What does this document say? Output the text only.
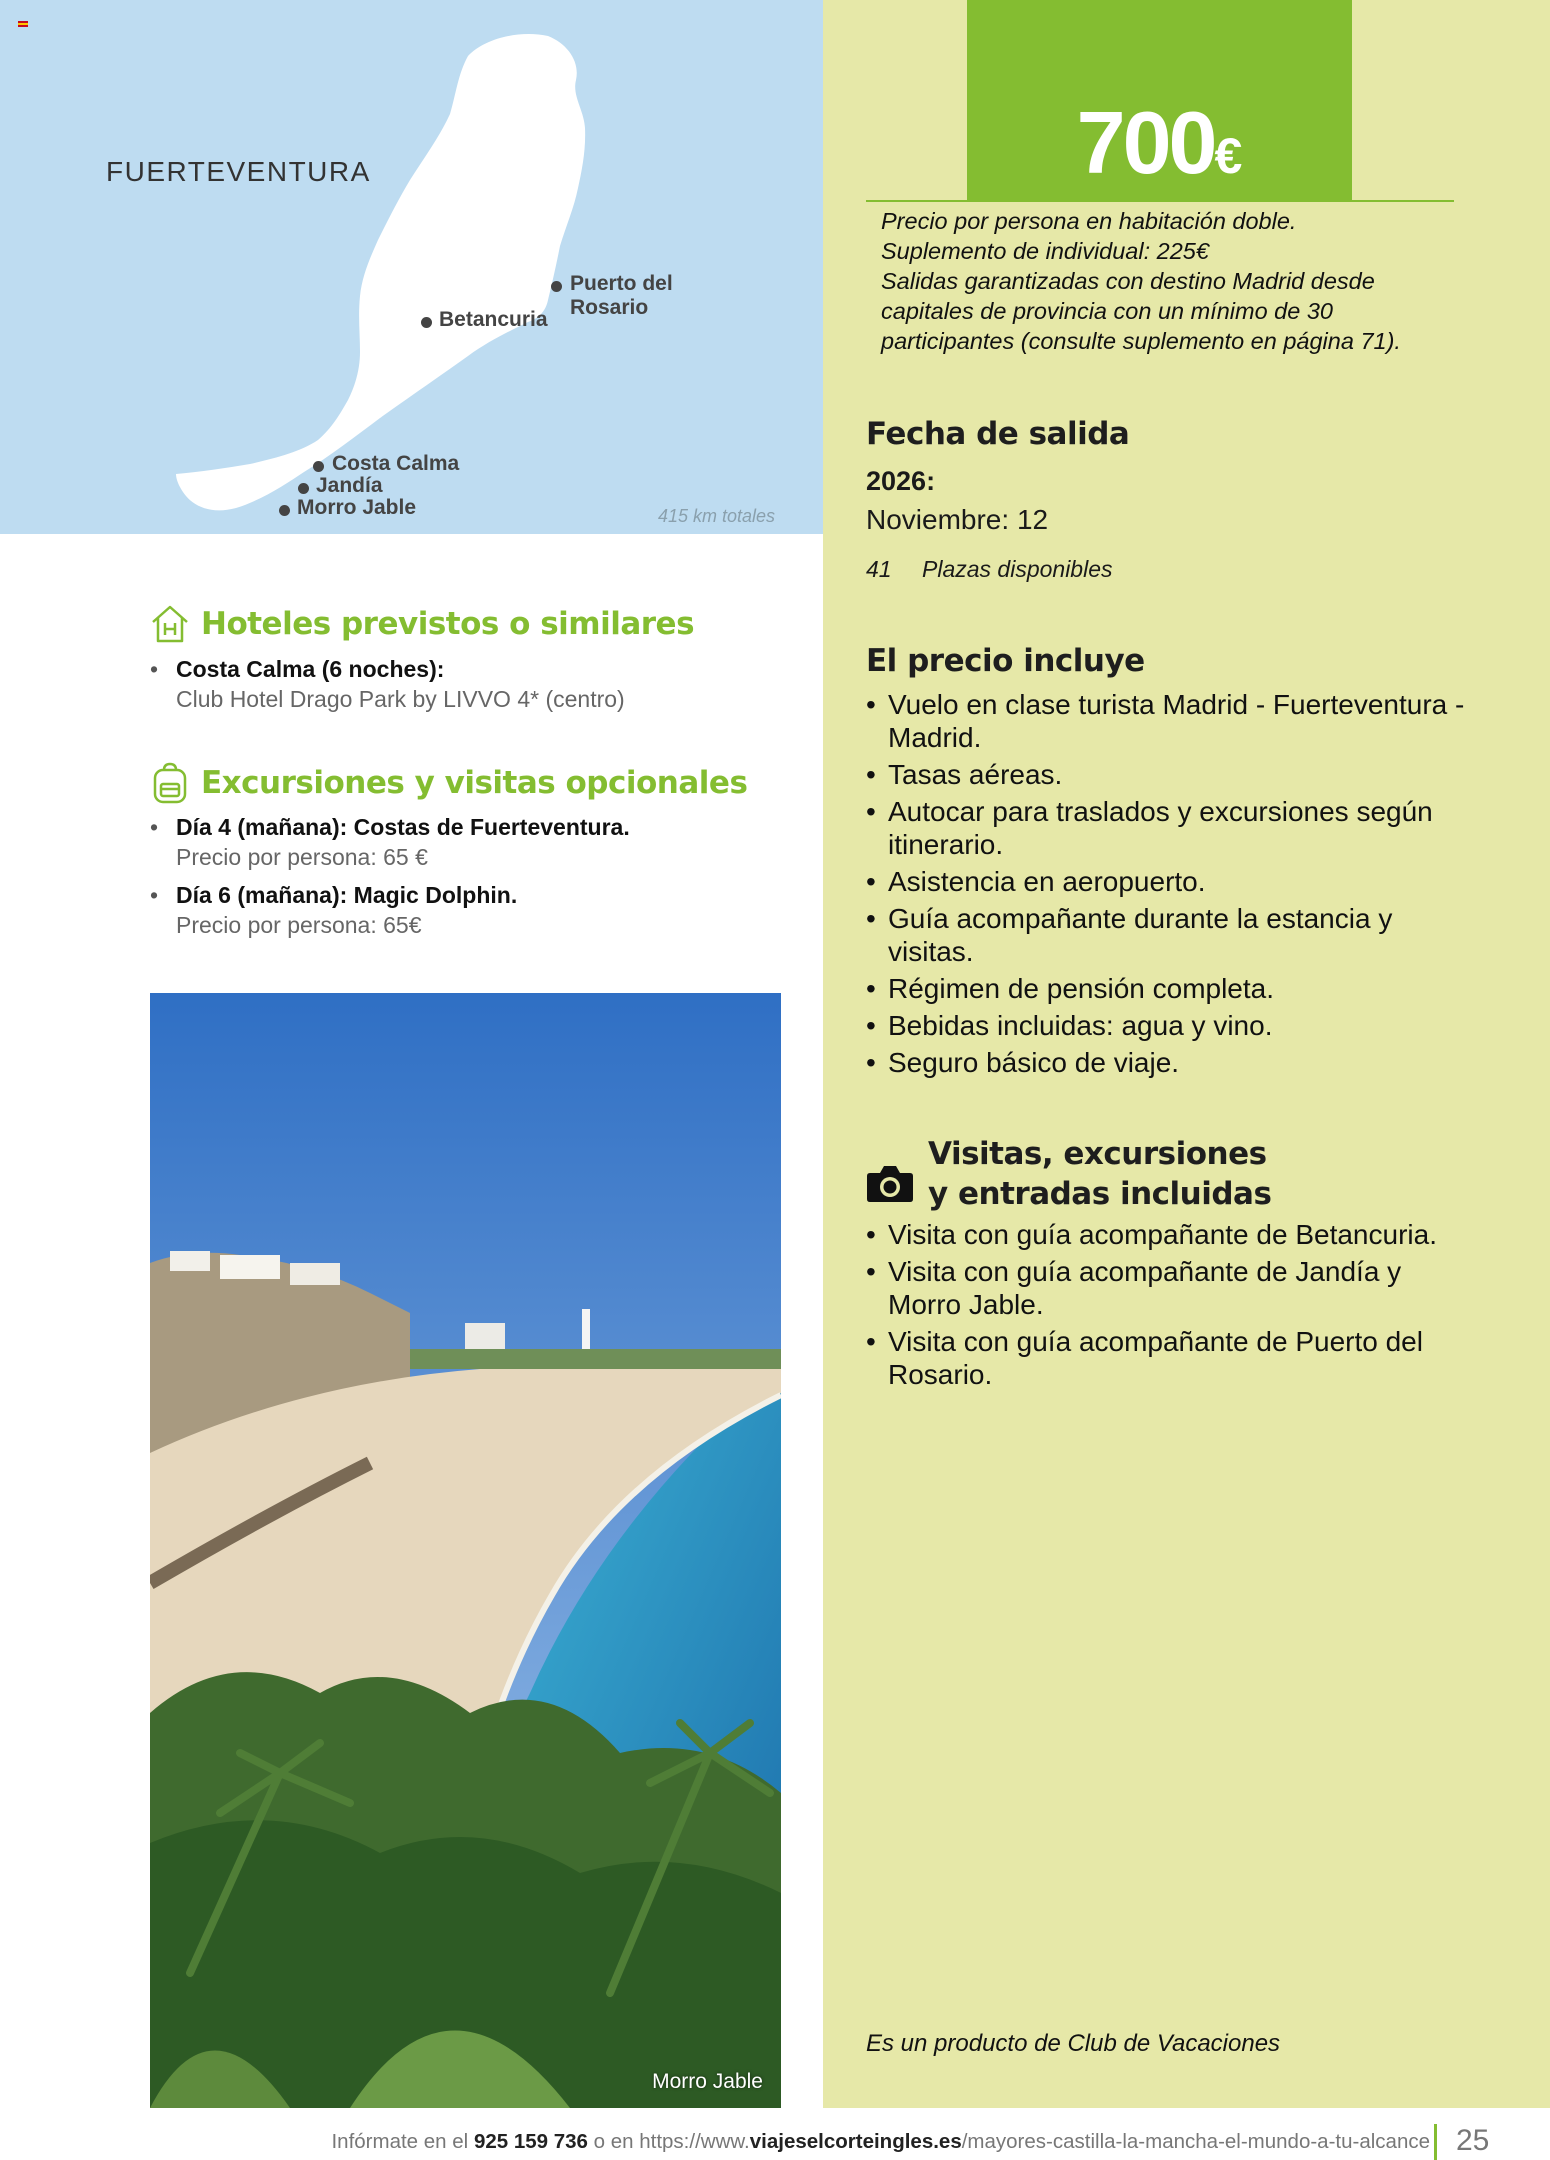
FUERTEVENTURA
Puerto del
Rosario
Betancuria
Costa Calma
Jandía
Morro Jable	415 km totales
700€
Precio por persona en habitación doble.
Suplemento de individual: 225€
Salidas garantizadas con destino Madrid desde
capitales de provincia con un mínimo de 30
participantes (consulte suplemento en página 71).
Fecha de salida
2026:
Noviembre: 12
41 Plazas disponibles
El precio incluye
• Vuelo en clase turista Madrid - Fuerteventura - Madrid.
• Tasas aéreas.
• Autocar para traslados y excursiones según itinerario.
• Asistencia en aeropuerto.
• Guía acompañante durante la estancia y visitas.
• Régimen de pensión completa.
• Bebidas incluidas: agua y vino.
• Seguro básico de viaje.
Visitas, excursiones
y entradas incluidas
• Visita con guía acompañante de Betancuria.
• Visita con guía acompañante de Jandía y Morro Jable.
• Visita con guía acompañante de Puerto del Rosario.
Es un producto de Club de Vacaciones
Hoteles previstos o similares
• Costa Calma (6 noches):
Club Hotel Drago Park by LIVVO 4* (centro)
Excursiones y visitas opcionales
• Día 4 (mañana): Costas de Fuerteventura.
Precio por persona: 65 €
• Día 6 (mañana): Magic Dolphin.
Precio por persona: 65€
Morro Jable
Infórmate en el 925 159 736 o en https://www.viajeselcorteingles.es/mayores-castilla-la-mancha-el-mundo-a-tu-alcance 25
